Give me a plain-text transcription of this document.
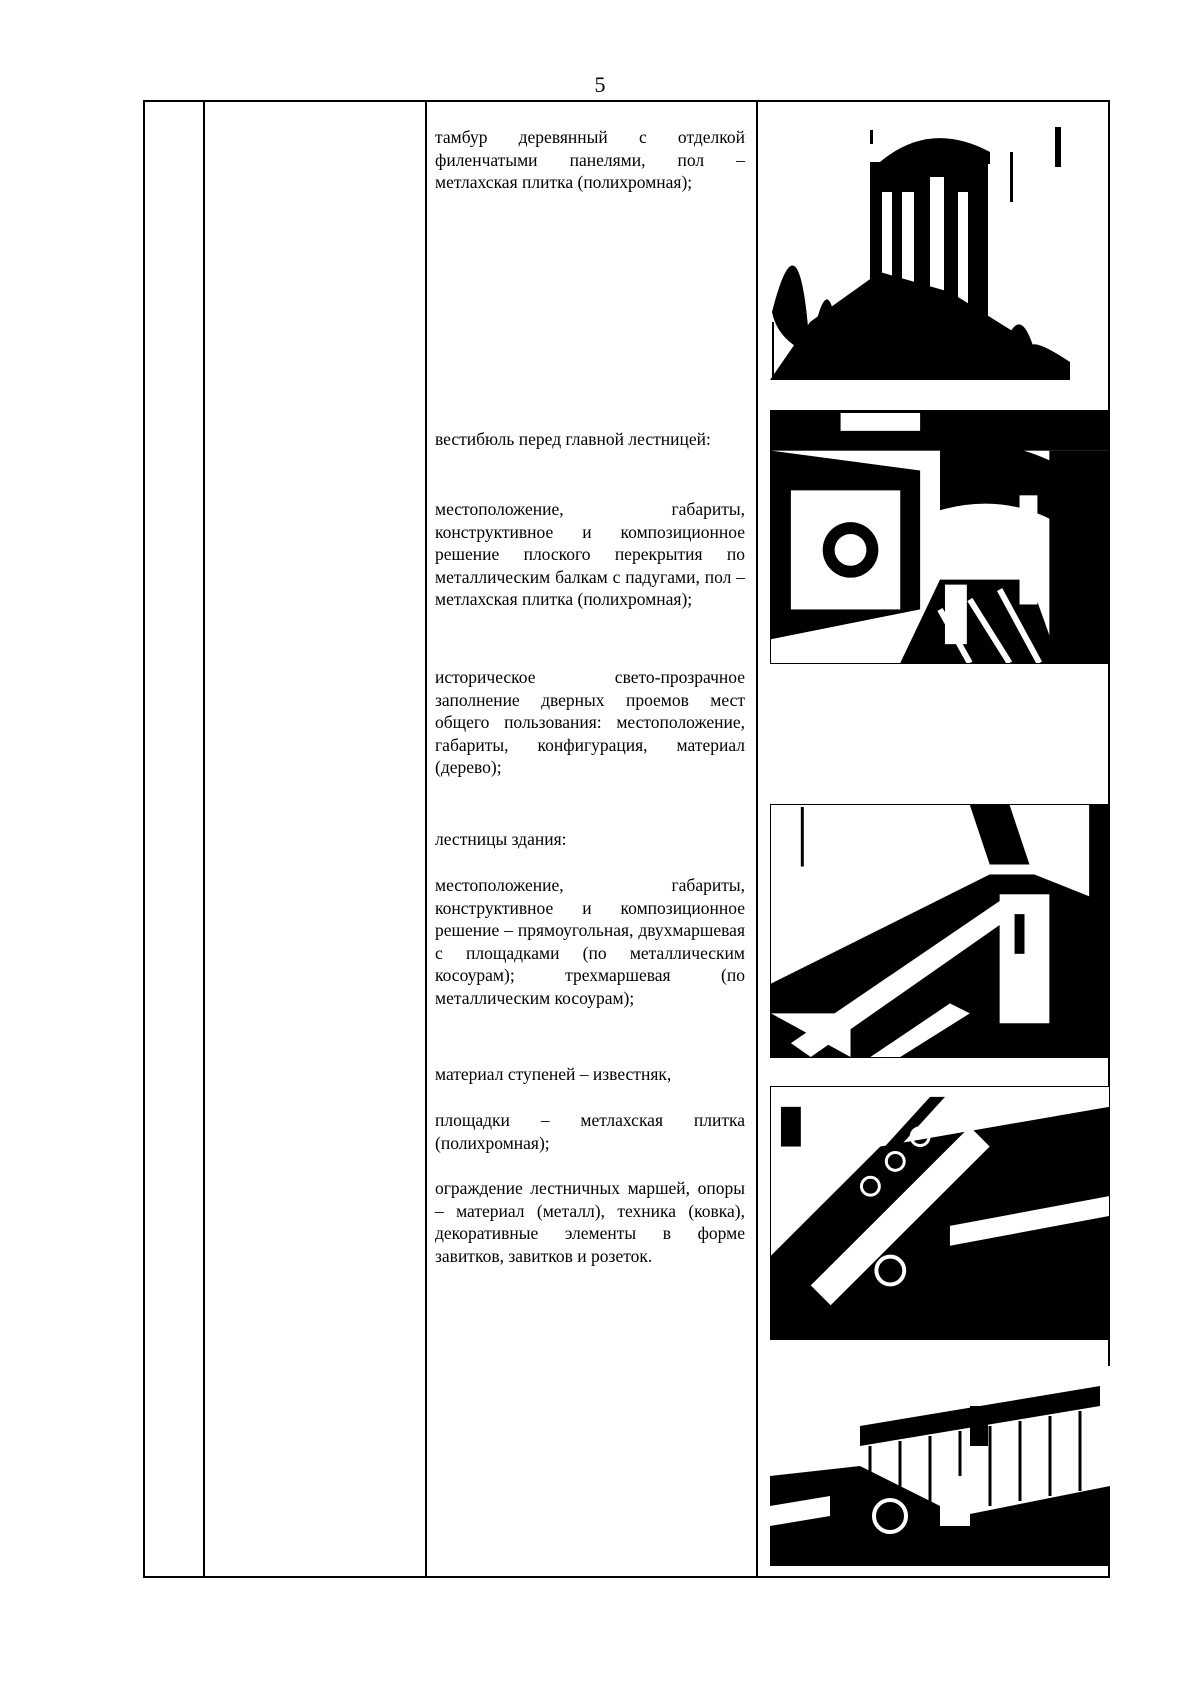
5

тамбур деревянный с отделкой филенчатыми панелями, пол – метлахская плитка (полихромная);

вестибюль перед главной лестницей:

местоположение, габариты, конструктивное и композиционное решение плоского перекрытия по металлическим балкам с падугами, пол – метлахская плитка (полихромная);

историческое свето-прозрачное заполнение дверных проемов мест общего пользования: местоположение, габариты, конфигурация, материал (дерево);

лестницы здания:

местоположение, габариты, конструктивное и композиционное решение – прямоугольная, двухмаршевая с площадками (по металлическим косоурам); трехмаршевая (по металлическим косоурам);

материал ступеней – известняк,

площадки – метлахская плитка (полихромная);

ограждение лестничных маршей, опоры – материал (металл), техника (ковка), декоративные элементы в форме завитков, завитков и розеток.
